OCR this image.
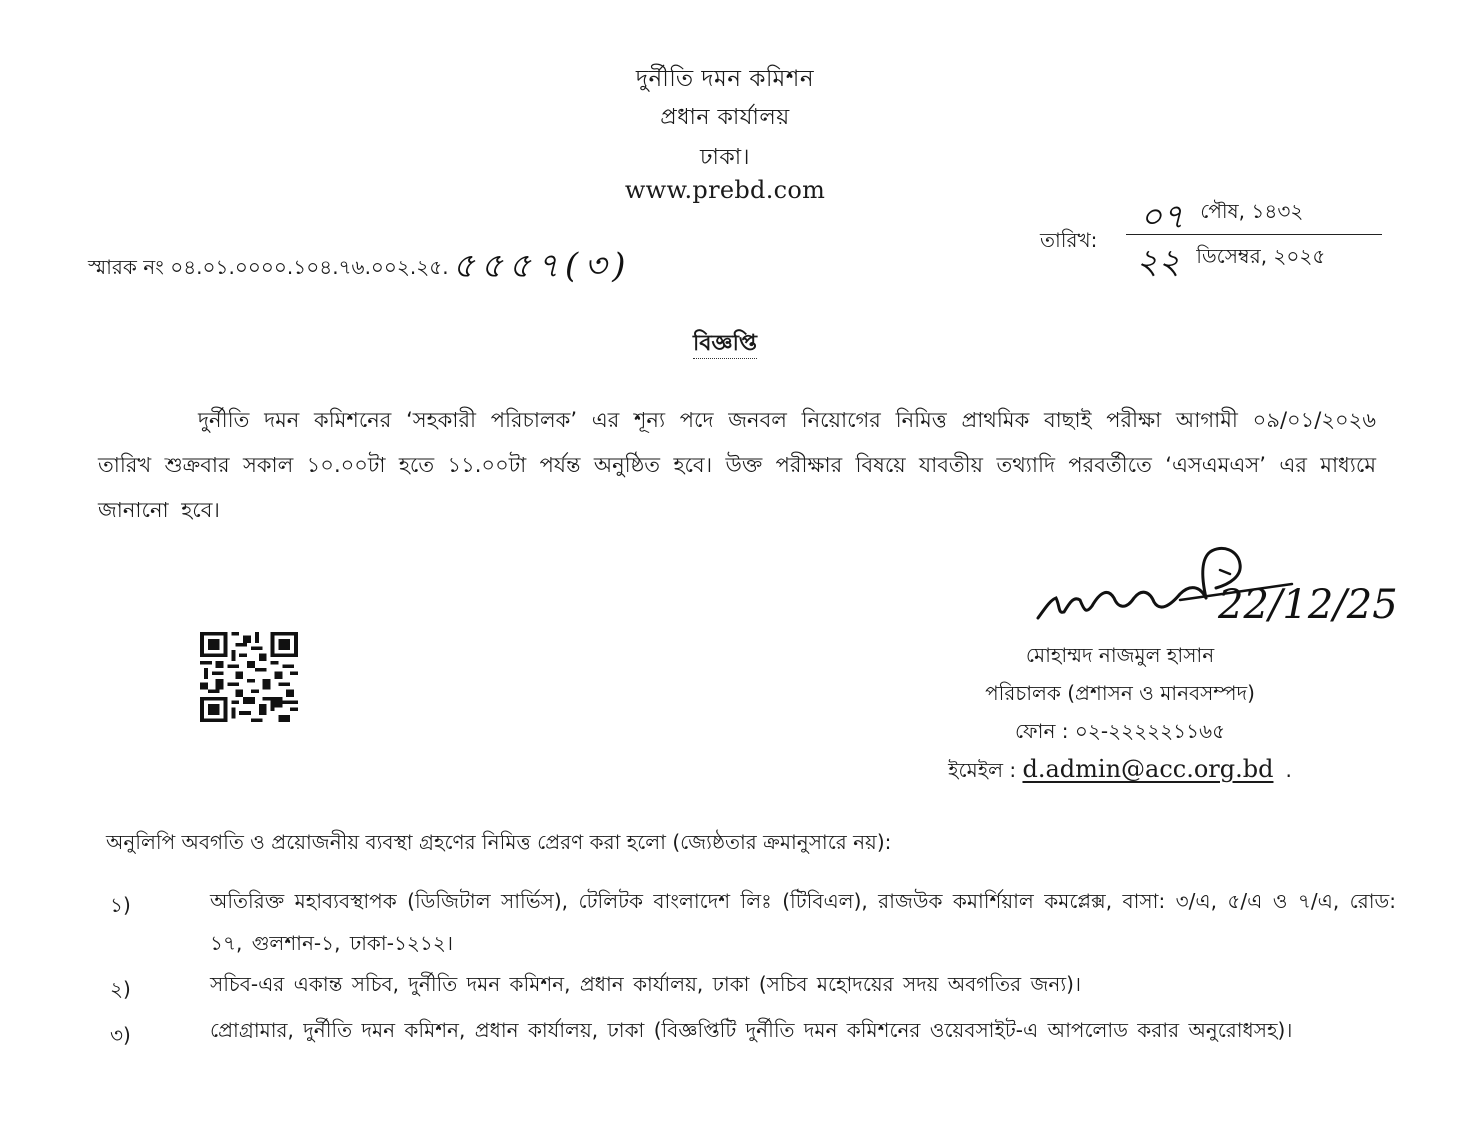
দুর্নীতি দমন কমিশন
প্রধান কার্যালয়
ঢাকা।
www.prebd.com
স্মারক নং ০৪.০১.০০০০.১০৪.৭৬.০০২.২৫. ৫৫৫৭(৩)
তারিখ:
০৭ পৌষ, ১৪৩২
২২ ডিসেম্বর, ২০২৫
বিজ্ঞপ্তি
দুর্নীতি দমন কমিশনের ‘সহকারী পরিচালক’ এর শূন্য পদে জনবল নিয়োগের নিমিত্ত প্রাথমিক বাছাই পরীক্ষা আগামী ০৯/০১/২০২৬ তারিখ শুক্রবার সকাল ১০.০০টা হতে ১১.০০টা পর্যন্ত অনুষ্ঠিত হবে। উক্ত পরীক্ষার বিষয়ে যাবতীয় তথ্যাদি পরবর্তীতে ‘এসএমএস’ এর মাধ্যমে জানানো হবে।
22/12/25
মোহাম্মদ নাজমুল হাসান
পরিচালক (প্রশাসন ও মানবসম্পদ)
ফোন : ০২-২২২২২১১৬৫
ইমেইল : d.admin@acc.org.bd .
অনুলিপি অবগতি ও প্রয়োজনীয় ব্যবস্থা গ্রহণের নিমিত্ত প্রেরণ করা হলো (জ্যেষ্ঠতার ক্রমানুসারে নয়):
১)	অতিরিক্ত মহাব্যবস্থাপক (ডিজিটাল সার্ভিস), টেলিটক বাংলাদেশ লিঃ (টিবিএল), রাজউক কমার্শিয়াল কমপ্লেক্স, বাসা: ৩/এ, ৫/এ ও ৭/এ, রোড: ১৭, গুলশান-১, ঢাকা-১২১২।
২)	সচিব-এর একান্ত সচিব, দুর্নীতি দমন কমিশন, প্রধান কার্যালয়, ঢাকা (সচিব মহোদয়ের সদয় অবগতির জন্য)।
৩)	প্রোগ্রামার, দুর্নীতি দমন কমিশন, প্রধান কার্যালয়, ঢাকা (বিজ্ঞপ্তিটি দুর্নীতি দমন কমিশনের ওয়েবসাইট-এ আপলোড করার অনুরোধসহ)।
